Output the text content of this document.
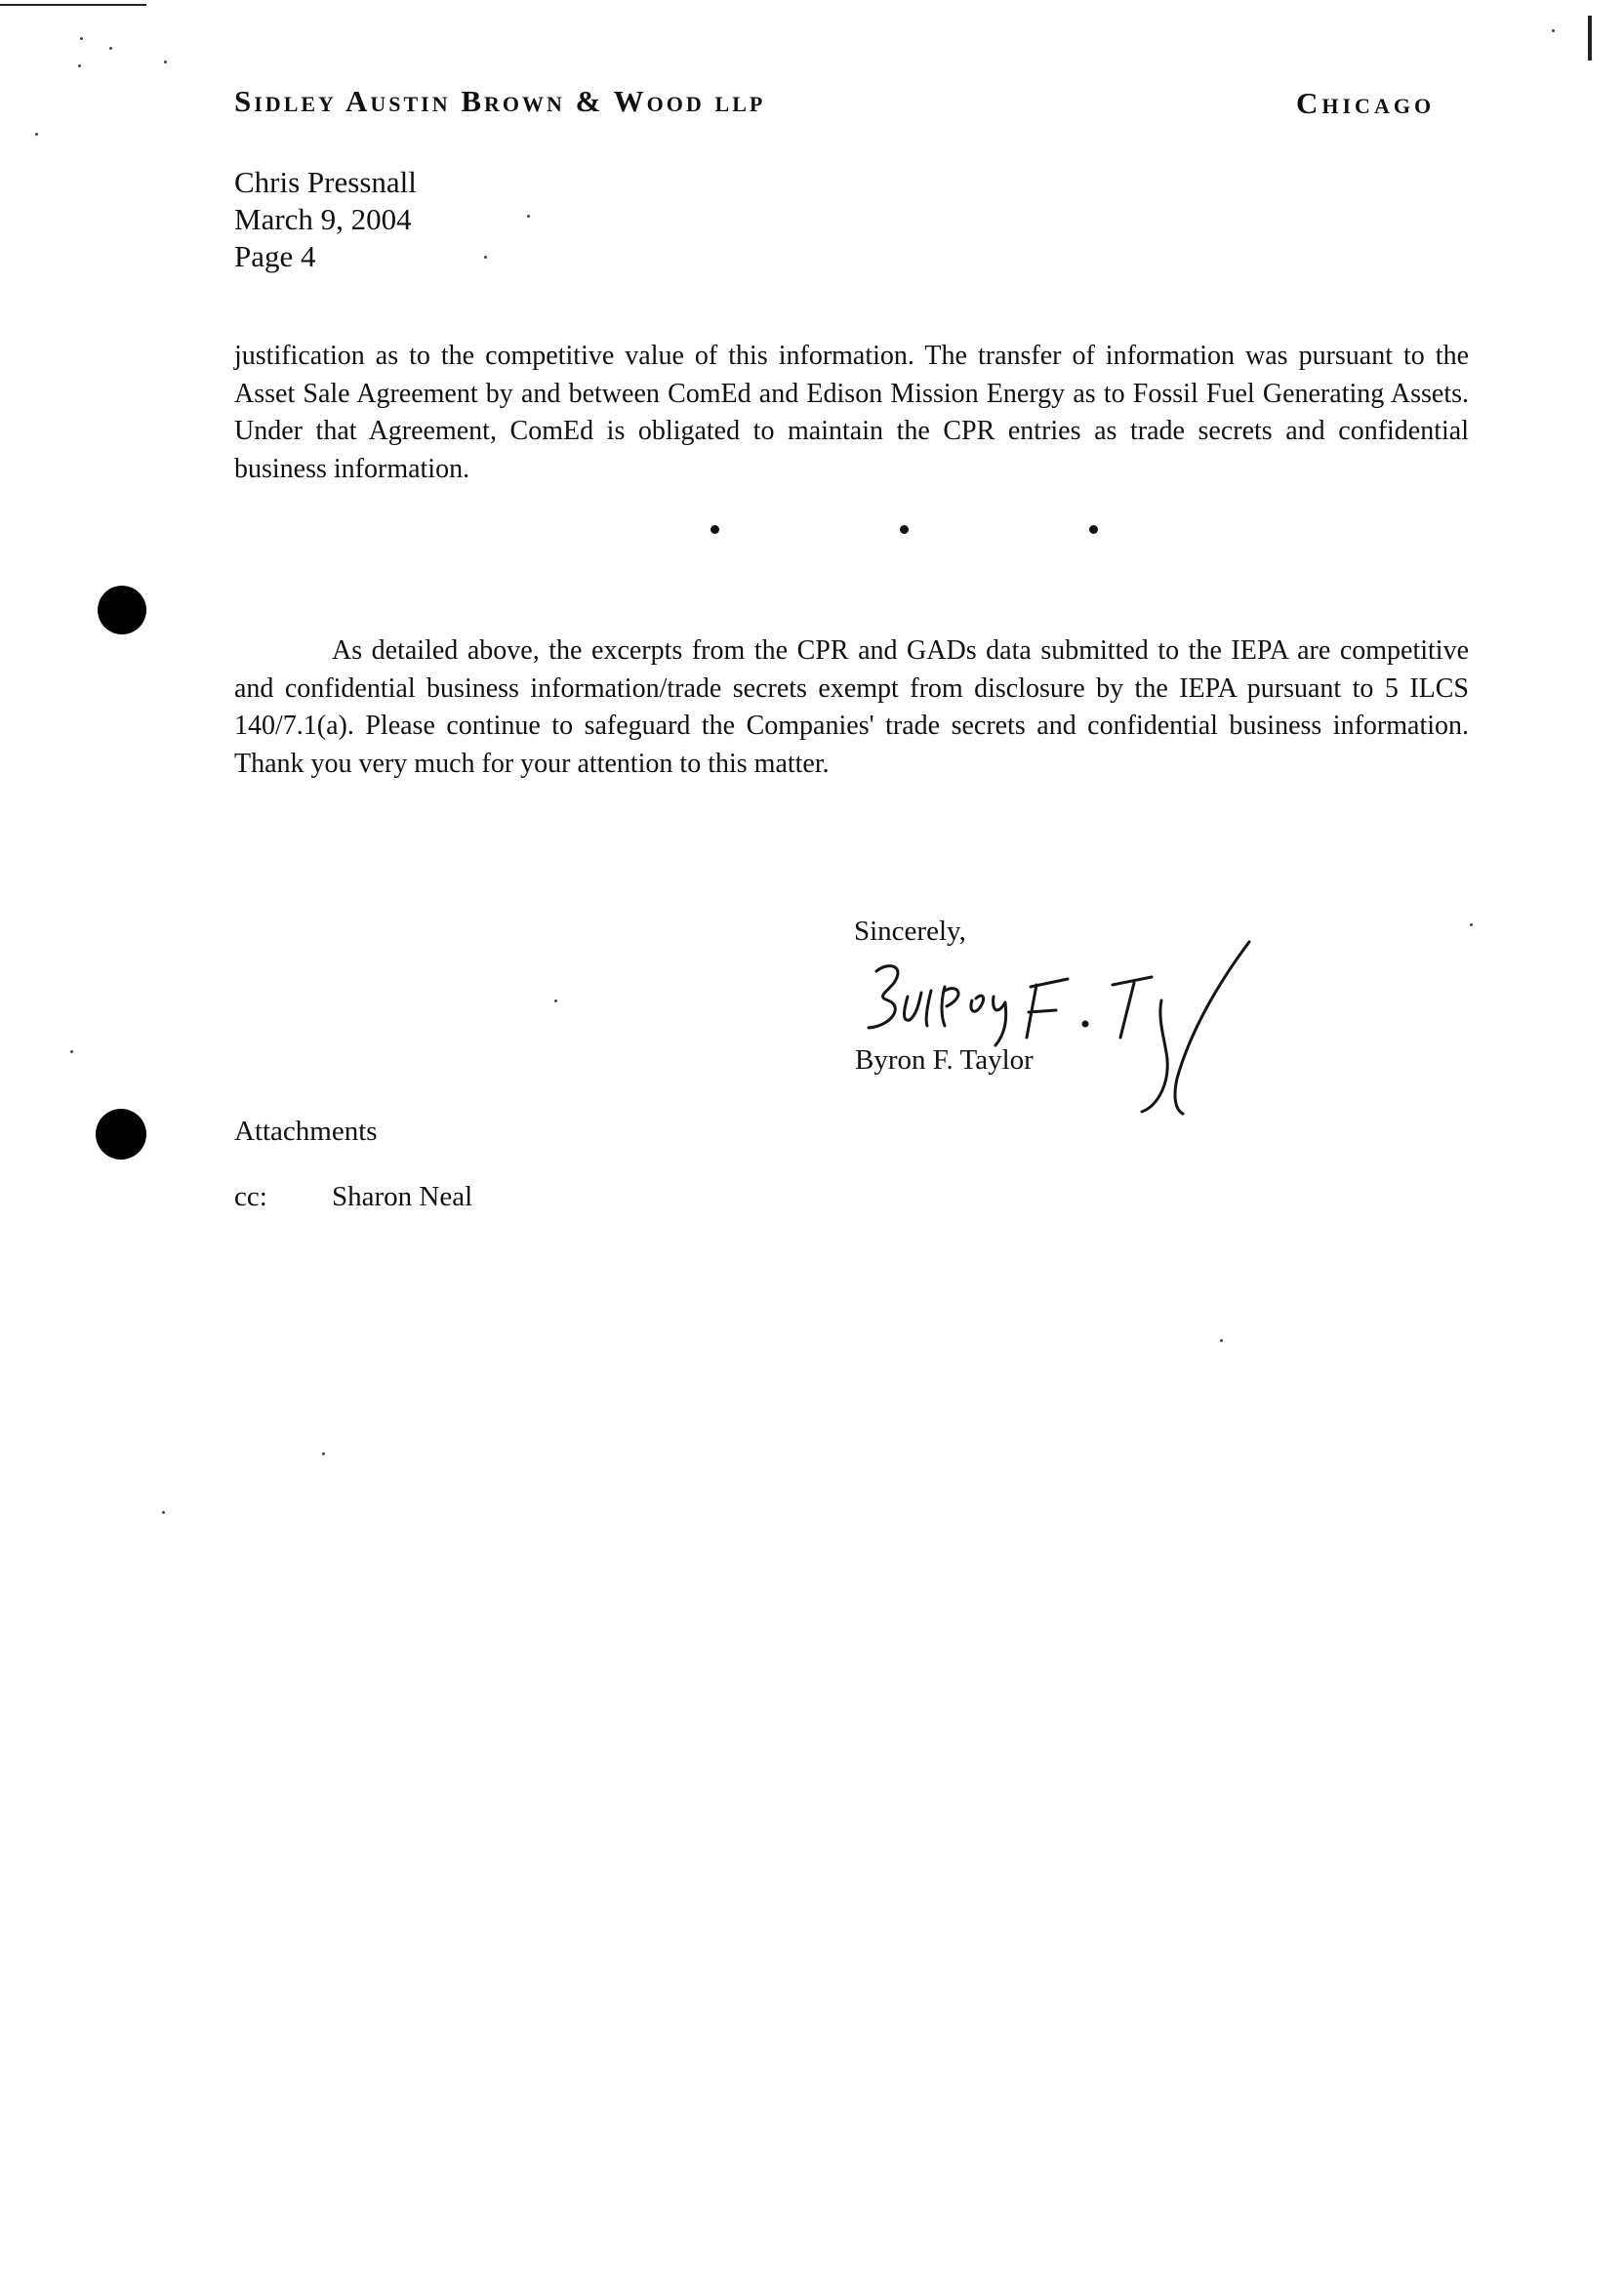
Sidley Austin Brown & Wood llp	Chicago
Chris Pressnall
March 9, 2004
Page 4
justification as to the competitive value of this information. The transfer of information was pursuant to the Asset Sale Agreement by and between ComEd and Edison Mission Energy as to Fossil Fuel Generating Assets. Under that Agreement, ComEd is obligated to maintain the CPR entries as trade secrets and confidential business information.
As detailed above, the excerpts from the CPR and GADs data submitted to the IEPA are competitive and confidential business information/trade secrets exempt from disclosure by the IEPA pursuant to 5 ILCS 140/7.1(a). Please continue to safeguard the Companies' trade secrets and confidential business information. Thank you very much for your attention to this matter.
Sincerely,
Byron F. Taylor
Attachments
cc: Sharon Neal
